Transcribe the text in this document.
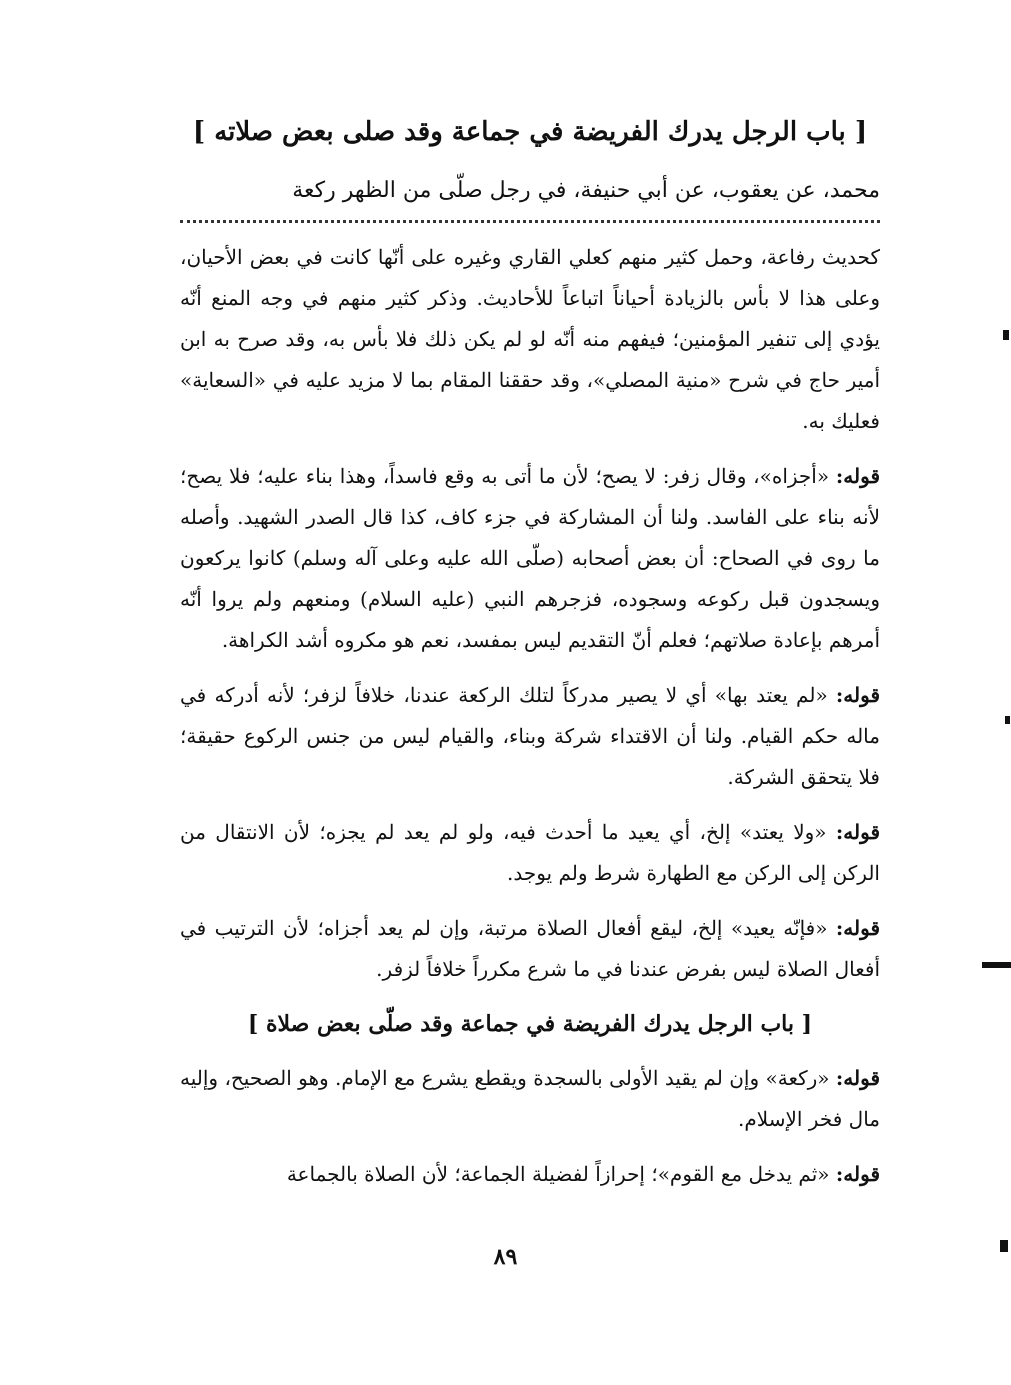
[ باب الرجل يدرك الفريضة في جماعة وقد صلى بعض صلاته ]

محمد، عن يعقوب، عن أبي حنيفة، في رجل صلّى من الظهر ركعة

كحديث رفاعة، وحمل كثير منهم كعلي القاري وغيره على أنّها كانت في بعض الأحيان، وعلى هذا لا بأس بالزيادة أحياناً اتباعاً للأحاديث. وذكر كثير منهم في وجه المنع أنّه يؤدي إلى تنفير المؤمنين؛ فيفهم منه أنّه لو لم يكن ذلك فلا بأس به، وقد صرح به ابن أمير حاج في شرح «منية المصلي»، وقد حققنا المقام بما لا مزيد عليه في «السعاية» فعليك به.

قوله: «أجزاه»، وقال زفر: لا يصح؛ لأن ما أتى به وقع فاسداً، وهذا بناء عليه؛ فلا يصح؛ لأنه بناء على الفاسد. ولنا أن المشاركة في جزء كاف، كذا قال الصدر الشهيد. وأصله ما روى في الصحاح: أن بعض أصحابه (صلّى الله عليه وعلى آله وسلم) كانوا يركعون ويسجدون قبل ركوعه وسجوده، فزجرهم النبي (عليه السلام) ومنعهم ولم يروا أنّه أمرهم بإعادة صلاتهم؛ فعلم أنّ التقديم ليس بمفسد، نعم هو مكروه أشد الكراهة.

قوله: «لم يعتد بها» أي لا يصير مدركاً لتلك الركعة عندنا، خلافاً لزفر؛ لأنه أدركه في ماله حكم القيام. ولنا أن الاقتداء شركة وبناء، والقيام ليس من جنس الركوع حقيقة؛ فلا يتحقق الشركة.

قوله: «ولا يعتد» إلخ، أي يعيد ما أحدث فيه، ولو لم يعد لم يجزه؛ لأن الانتقال من الركن إلى الركن مع الطهارة شرط ولم يوجد.

قوله: «فإنّه يعيد» إلخ، ليقع أفعال الصلاة مرتبة، وإن لم يعد أجزاه؛ لأن الترتيب في أفعال الصلاة ليس بفرض عندنا في ما شرع مكرراً خلافاً لزفر.

[ باب الرجل يدرك الفريضة في جماعة وقد صلّى بعض صلاة ]

قوله: «ركعة» وإن لم يقيد الأولى بالسجدة ويقطع يشرع مع الإمام. وهو الصحيح، وإليه مال فخر الإسلام.

قوله: «ثم يدخل مع القوم»؛ إحرازاً لفضيلة الجماعة؛ لأن الصلاة بالجماعة

٨٩
